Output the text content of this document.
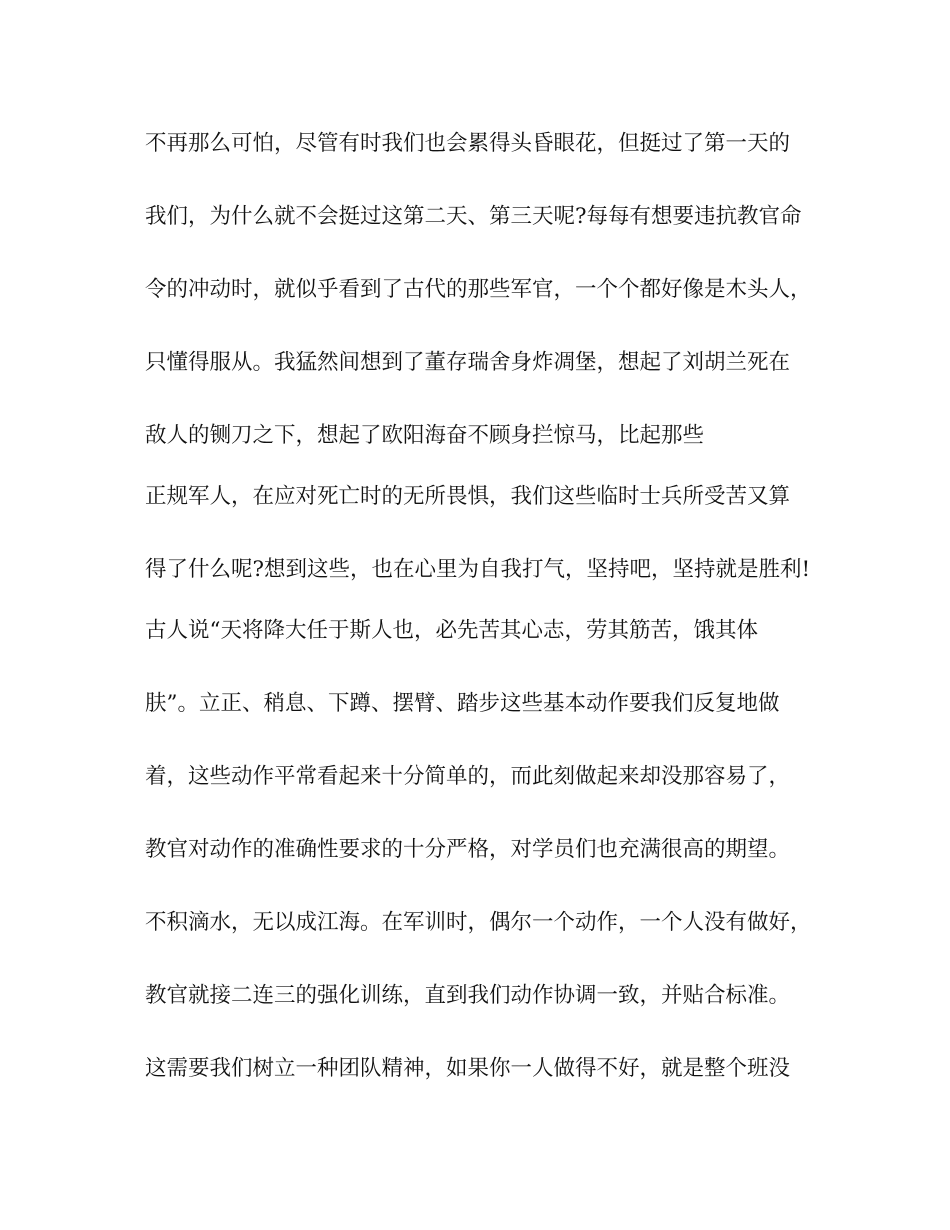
不再那么可怕，尽管有时我们也会累得头昏眼花，但挺过了第一天的

我们，为什么就不会挺过这第二天、第三天呢?每每有想要违抗教官命

令的冲动时，就似乎看到了古代的那些军官，一个个都好像是木头人，

只懂得服从。我猛然间想到了董存瑞舍身炸凋堡，想起了刘胡兰死在

敌人的铡刀之下，想起了欧阳海奋不顾身拦惊马，比起那些

正规军人，在应对死亡时的无所畏惧，我们这些临时士兵所受苦又算

得了什么呢?想到这些，也在心里为自我打气，坚持吧，坚持就是胜利!

古人说“天将降大任于斯人也，必先苦其心志，劳其筋苦，饿其体

肤”。立正、稍息、下蹲、摆臂、踏步这些基本动作要我们反复地做

着，这些动作平常看起来十分简单的，而此刻做起来却没那容易了，

教官对动作的准确性要求的十分严格，对学员们也充满很高的期望。

不积滴水，无以成江海。在军训时，偶尔一个动作，一个人没有做好，

教官就接二连三的强化训练，直到我们动作协调一致，并贴合标准。

这需要我们树立一种团队精神，如果你一人做得不好，就是整个班没
